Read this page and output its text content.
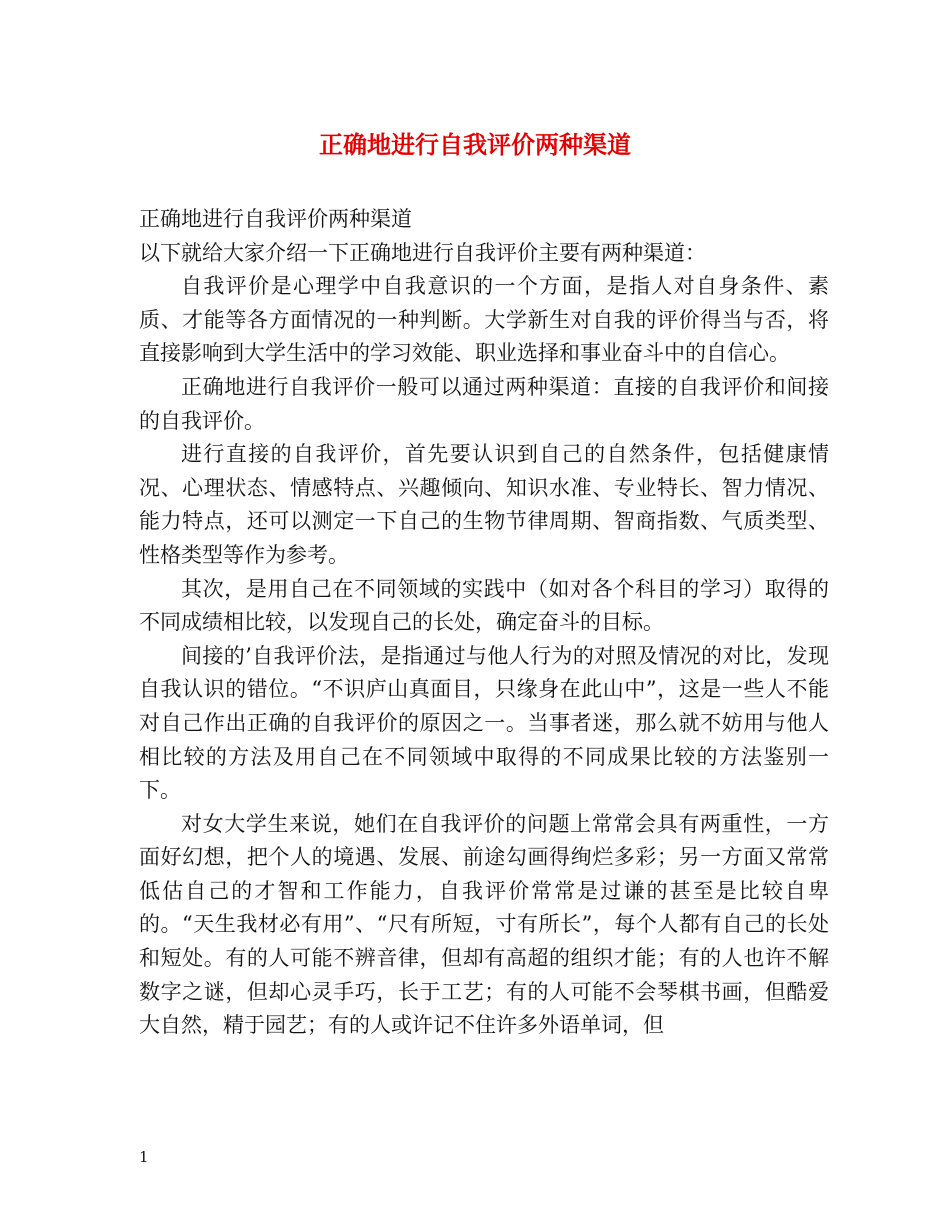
正确地进行自我评价两种渠道

正确地进行自我评价两种渠道

以下就给大家介绍一下正确地进行自我评价主要有两种渠道：

自我评价是心理学中自我意识的一个方面，是指人对自身条件、素质、才能等各方面情况的一种判断。大学新生对自我的评价得当与否，将直接影响到大学生活中的学习效能、职业选择和事业奋斗中的自信心。

正确地进行自我评价一般可以通过两种渠道：直接的自我评价和间接的自我评价。

进行直接的自我评价，首先要认识到自己的自然条件，包括健康情况、心理状态、情感特点、兴趣倾向、知识水准、专业特长、智力情况、能力特点，还可以测定一下自己的生物节律周期、智商指数、气质类型、性格类型等作为参考。

其次，是用自己在不同领域的实践中（如对各个科目的学习）取得的不同成绩相比较，以发现自己的长处，确定奋斗的目标。

间接的’自我评价法，是指通过与他人行为的对照及情况的对比，发现自我认识的错位。“不识庐山真面目，只缘身在此山中”，这是一些人不能对自己作出正确的自我评价的原因之一。当事者迷，那么就不妨用与他人相比较的方法及用自己在不同领域中取得的不同成果比较的方法鉴别一下。

对女大学生来说，她们在自我评价的问题上常常会具有两重性，一方面好幻想，把个人的境遇、发展、前途勾画得绚烂多彩；另一方面又常常低估自己的才智和工作能力，自我评价常常是过谦的甚至是比较自卑的。“天生我材必有用”、“尺有所短，寸有所长”，每个人都有自己的长处和短处。有的人可能不辨音律，但却有高超的组织才能；有的人也许不解数字之谜，但却心灵手巧，长于工艺；有的人可能不会琴棋书画，但酷爱大自然，精于园艺；有的人或许记不住许多外语单词，但

1
